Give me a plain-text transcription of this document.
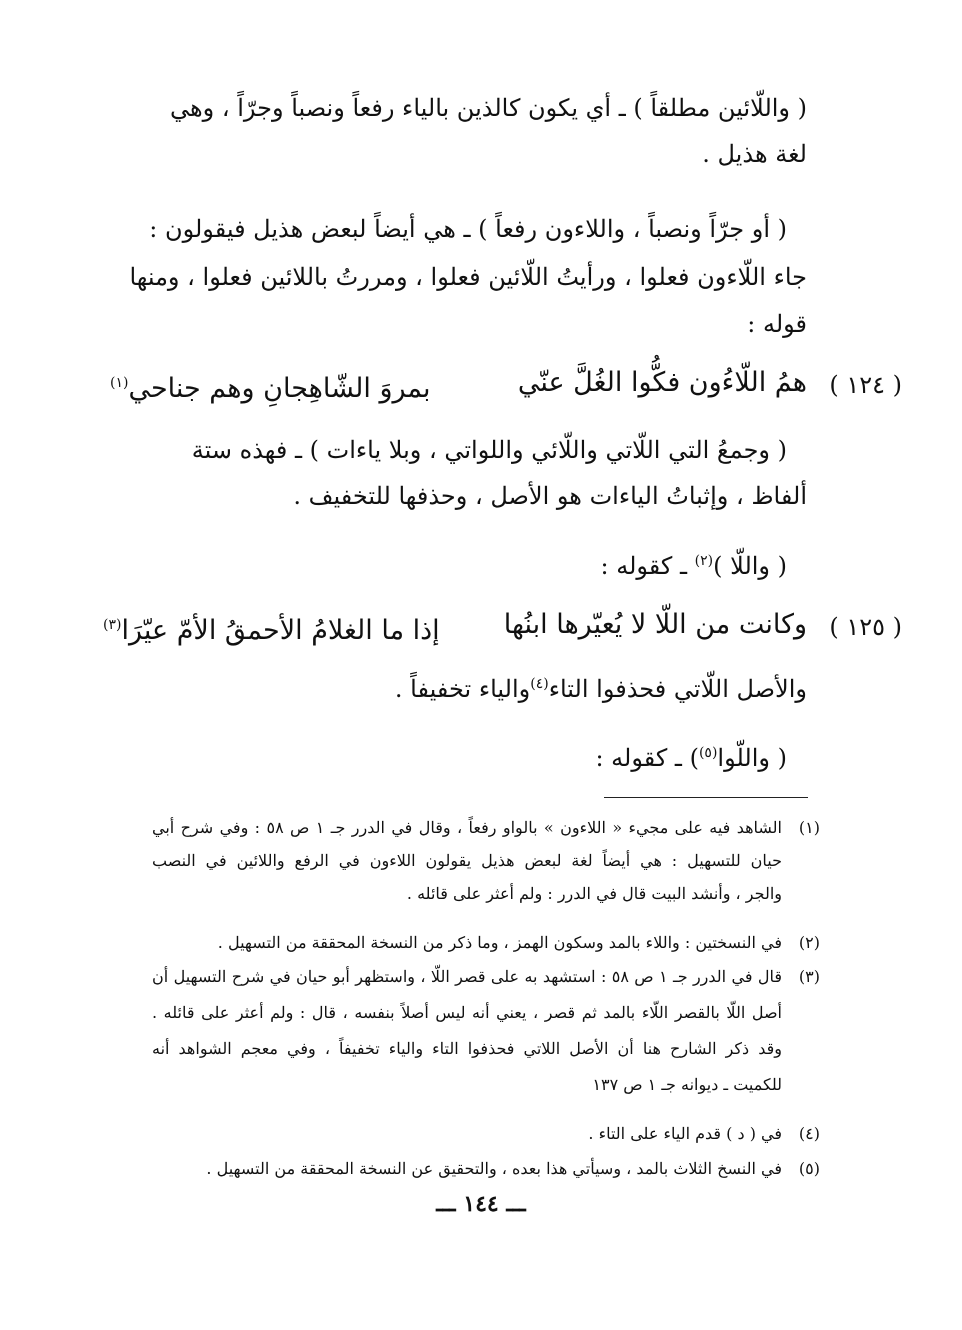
( واللّائين مطلقاً ) ـ أي يكون كالذين بالياء رفعاً ونصباً وجرّاً ، وهي
لغة هذيل .
( أو جرّاً ونصباً ، واللاءون رفعاً ) ـ هي أيضاً لبعض هذيل فيقولون :
جاء اللّاءون فعلوا ، ورأيتُ اللّائين فعلوا ، ومررتُ باللائين فعلوا ، ومنها
قوله :
( ١٢٤ )
همُ اللّاءُون فكُّوا الغُلَّ عنّي
بمروَ الشّاهِجانِ وهم جناحي$^{(١)}$
( وجمعُ التي اللّاتي واللّائي واللواتي ، وبلا ياءات ) ـ فهذه ستة
ألفاظ ، وإثباتُ الياءات هو الأصل ، وحذفها للتخفيف .
( واللّا )$^{(٢)}$ ـ كقوله :
( ١٢٥ )
وكانت من اللّا لا يُعيّرها ابنُها
إذا ما الغلامُ الأحمقُ الأمّ عيّرَا$^{(٣)}$
والأصل اللّاتي فحذفوا التاء$^{(٤)}$والياء تخفيفاً .
( واللّوا$^{(٥)}$) ـ كقوله :
(١)
الشاهد فيه على مجيء « اللاءون » بالواو رفعاً ، وقال في الدرر جـ ١ ص ٥٨ : وفي شرح أبي
حيان للتسهيل : هي أيضاً لغة لبعض هذيل يقولون اللاءون في الرفع واللائين في النصب
والجر ، وأنشد البيت قال في الدرر : ولم أعثر على قائله .
(٢)
في النسختين : واللاء بالمد وسكون الهمز ، وما ذكر من النسخة المحققة من التسهيل .
(٣)
قال في الدرر جـ ١ ص ٥٨ : استشهد به على قصر اللّا ، واستظهر أبو حيان في شرح التسهيل أن
أصل اللّا بالقصر اللّاء بالمد ثم قصر ، يعني أنه ليس أصلاً بنفسه ، قال : ولم أعثر على قائله .
وقد ذكر الشارح هنا أن الأصل اللاتي فحذفوا التاء والياء تخفيفاً ، وفي معجم الشواهد أنه
للكميت ـ ديوانه جـ ١ ص ١٣٧
(٤)
في ( د ) قدم الياء على التاء .
(٥)
في النسخ الثلاث بالمد ، وسيأتي هذا بعده ، والتحقيق عن النسخة المحققة من التسهيل .
ـــ ١٤٤ ـــ
